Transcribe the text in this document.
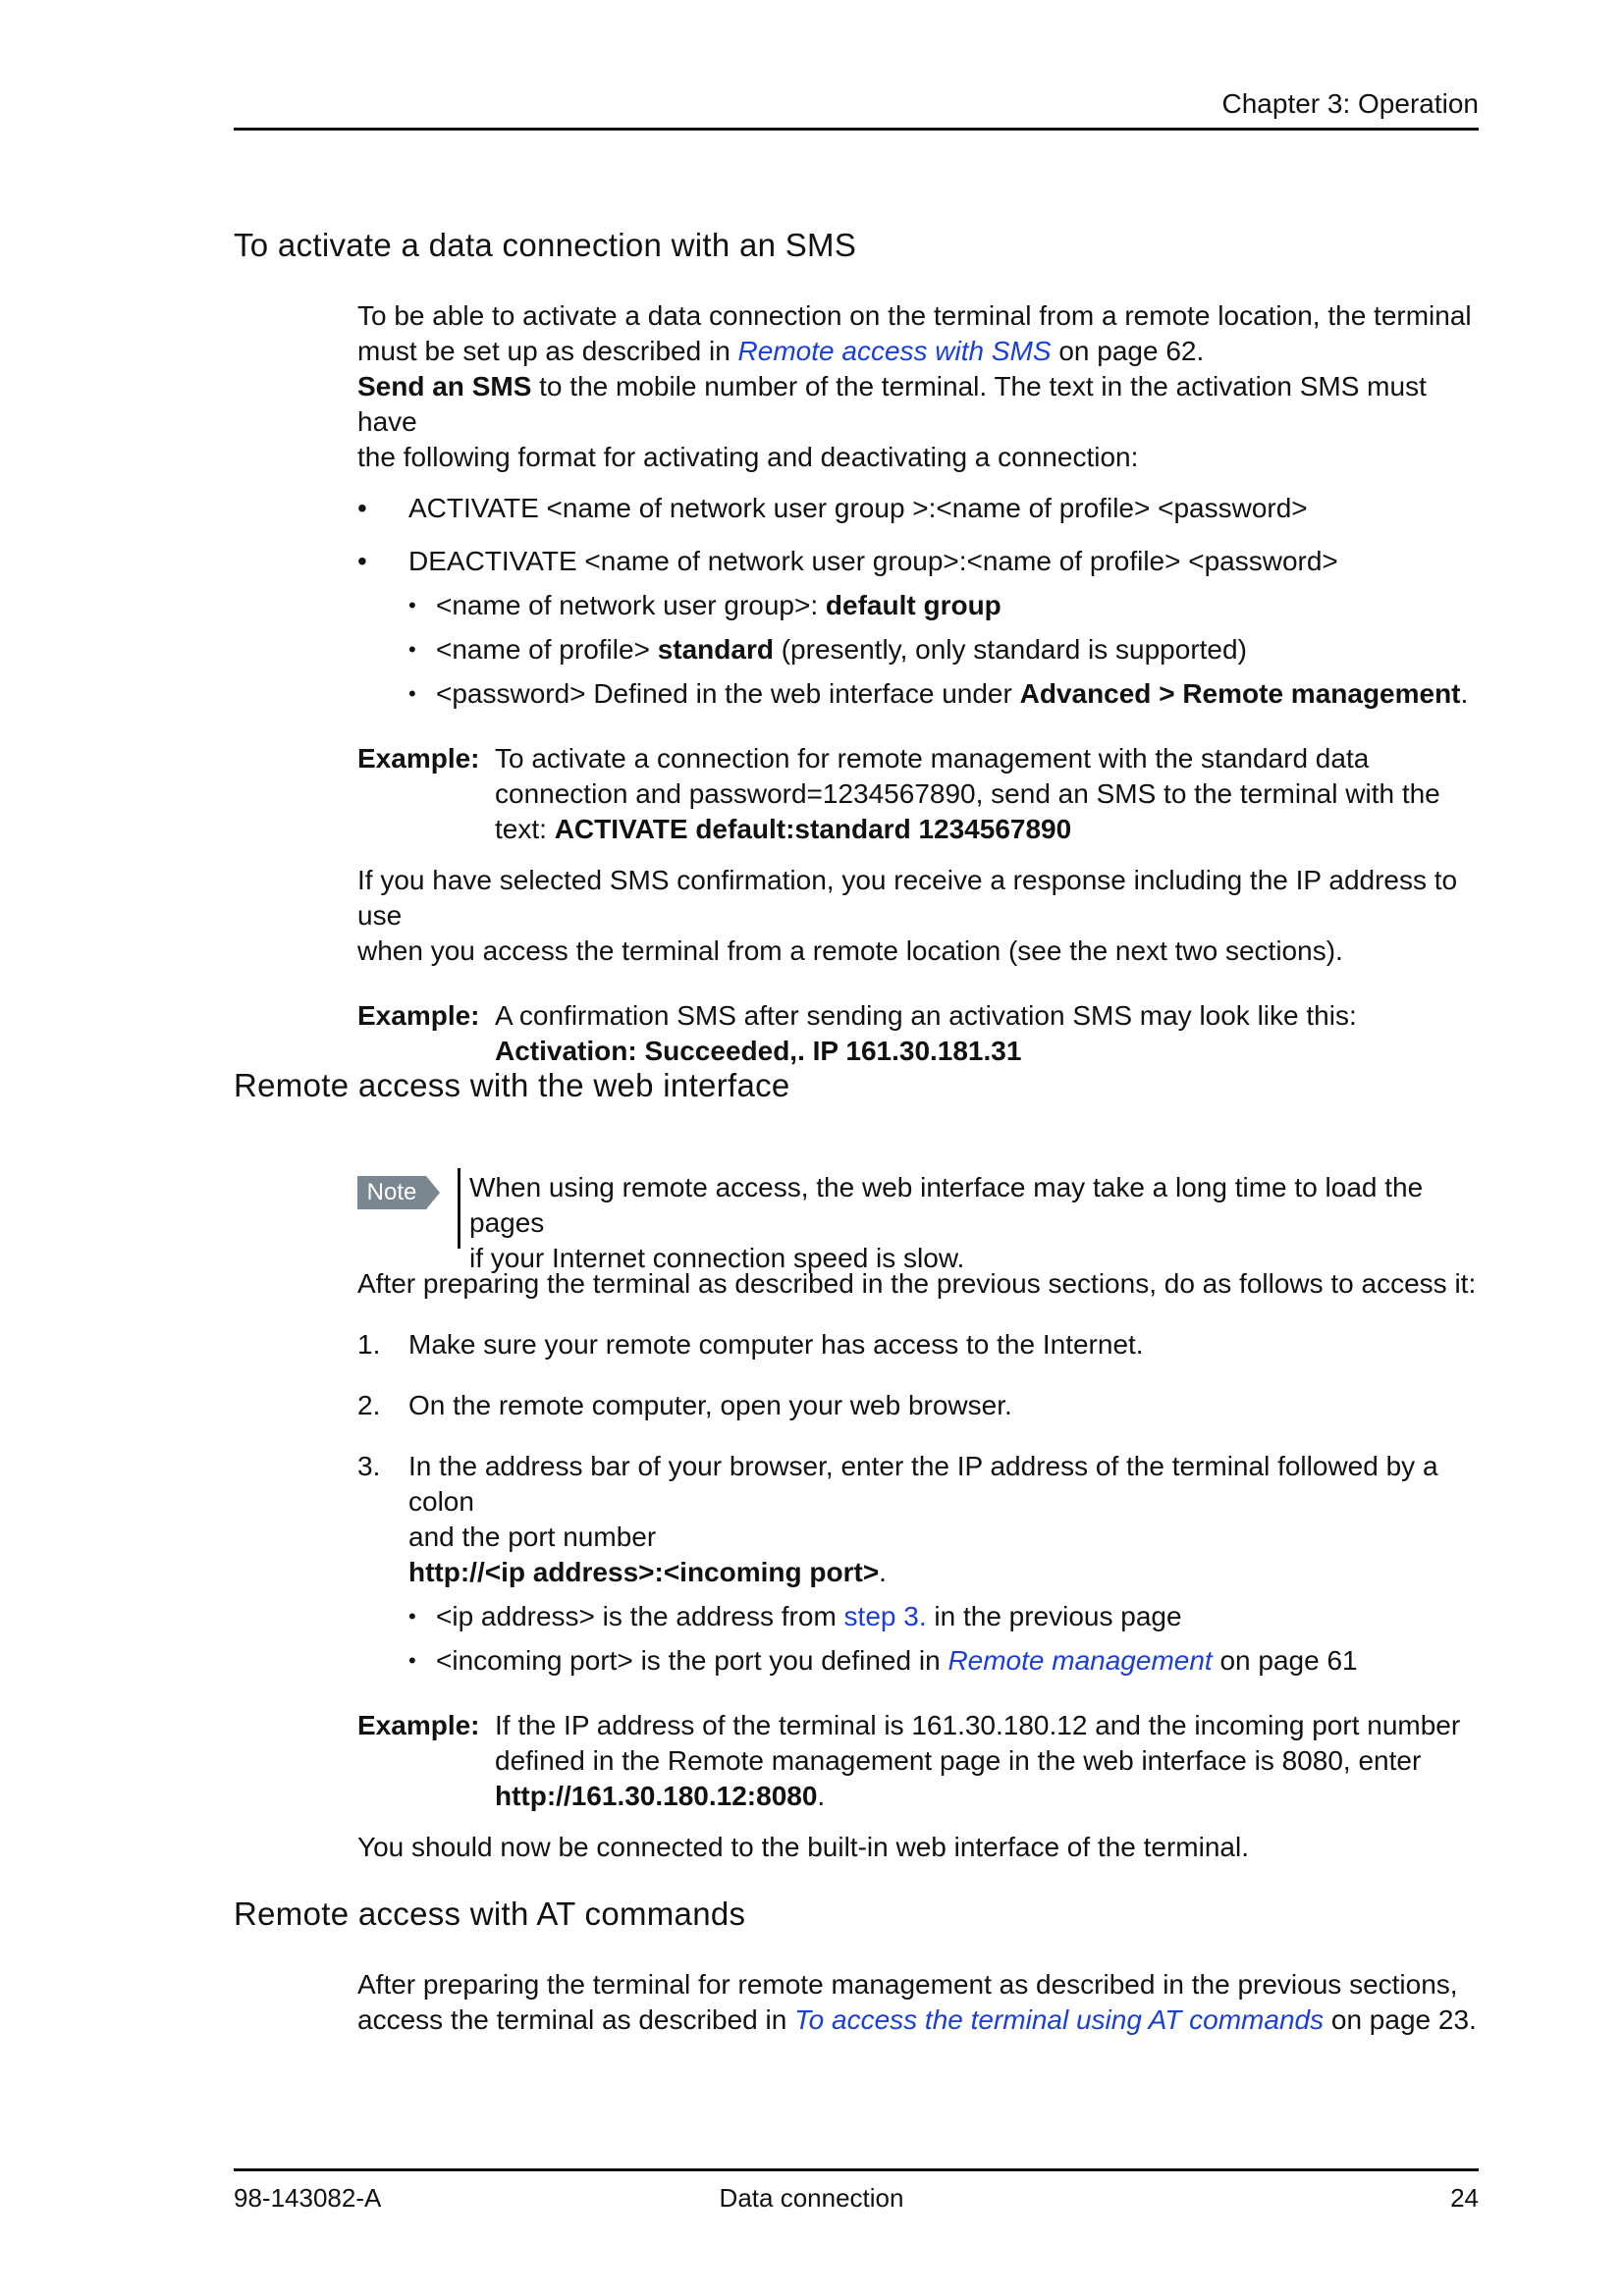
Chapter 3: Operation
To activate a data connection with an SMS

To be able to activate a data connection on the terminal from a remote location, the terminal

must be set up as described in Remote access with SMS on page 62.

Send an SMS to the mobile number of the terminal. The text in the activation SMS must have

the following format for activating and deactivating a connection:

• ACTIVATE <name of network user group >:<name of profile> <password>
• DEACTIVATE <name of network user group>:<name of profile> <password>
• <name of network user group>: default group
• <name of profile> standard (presently, only standard is supported)
• <password> Defined in the web interface under Advanced > Remote management.
Example: To activate a connection for remote management with the standard data

connection and password=1234567890, send an SMS to the terminal with the

text: ACTIVATE default:standard 1234567890

If you have selected SMS confirmation, you receive a response including the IP address to use

when you access the terminal from a remote location (see the next two sections).

Example: A confirmation SMS after sending an activation SMS may look like this:

Activation: Succeeded,. IP 161.30.181.31

Remote access with the web interface
Note	When using remote access, the web interface may take a long time to load the pages

if your Internet connection speed is slow.

After preparing the terminal as described in the previous sections, do as follows to access it:

1. Make sure your remote computer has access to the Internet.
2. On the remote computer, open your web browser.
3. In the address bar of your browser, enter the IP address of the terminal followed by a colon

and the port number

http://<ip address>:<incoming port>.

• <ip address> is the address from step 3. in the previous page
• <incoming port> is the port you defined in Remote management on page 61
Example: If the IP address of the terminal is 161.30.180.12 and the incoming port number

defined in the Remote management page in the web interface is 8080, enter

http://161.30.180.12:8080.

You should now be connected to the built-in web interface of the terminal.

Remote access with AT commands

After preparing the terminal for remote management as described in the previous sections,

access the terminal as described in To access the terminal using AT commands on page 23.

98-143082-A	Data connection	24
